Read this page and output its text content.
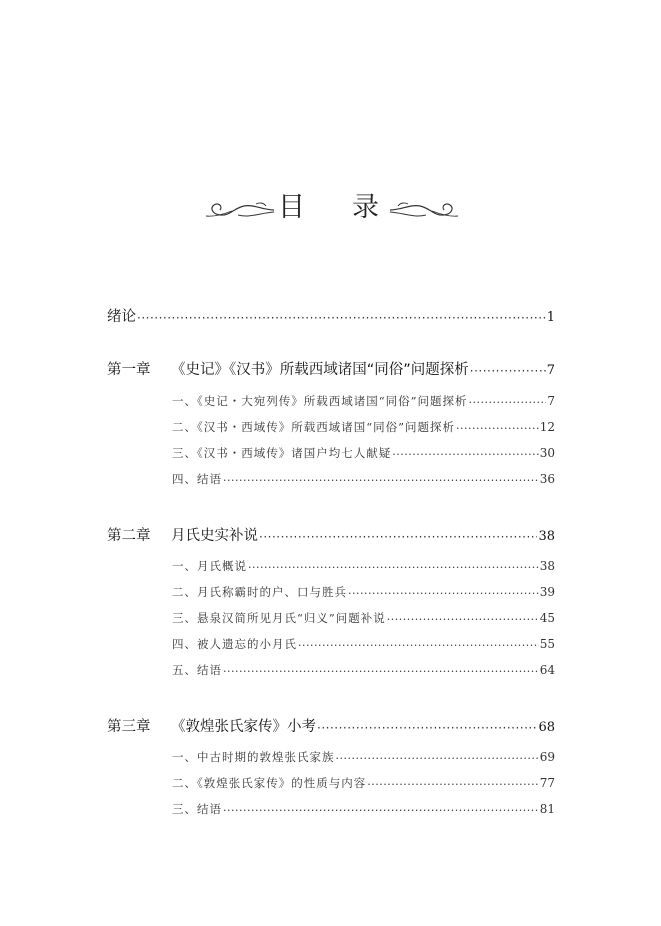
目 录
绪论 ·····	1
第一章 《史记》《汉书》所载西域诸国“同俗”问题探析 ·····	7
一、《史记・大宛列传》所载西域诸国“同俗”问题探析 ·····	7
二、《汉书・西域传》所载西域诸国“同俗”问题探析 ·····	12
三、《汉书・西域传》诸国户均七人献疑 ·····	30
四、结语 ·····	36
第二章 月氏史实补说 ·····	38
一、月氏概说 ·····	38
二、月氏称霸时的户、口与胜兵 ·····	39
三、悬泉汉简所见月氏“归义”问题补说 ·····	45
四、被人遗忘的小月氏 ·····	55
五、结语 ·····	64
第三章 《敦煌张氏家传》小考 ·····	68
一、中古时期的敦煌张氏家族 ·····	69
二、《敦煌张氏家传》的性质与内容 ·····	77
三、结语 ·····	81
